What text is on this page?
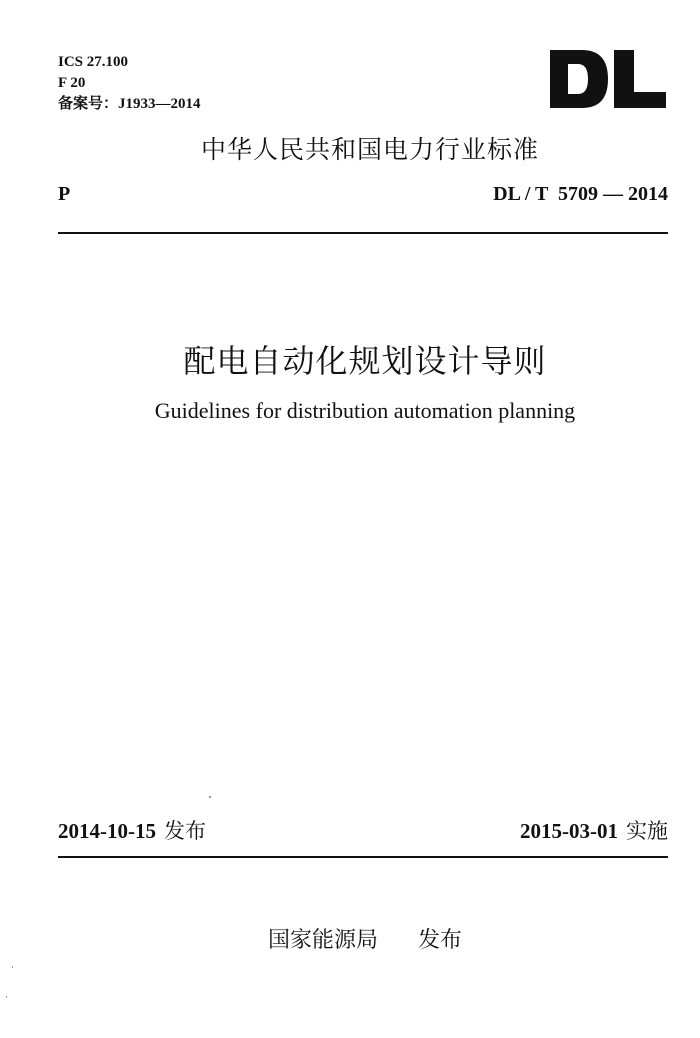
ICS 27.100
F 20
备案号：J1933—2014
中华人民共和国电力行业标准
P	DL / T  5709 — 2014
配电自动化规划设计导则
Guidelines for distribution automation planning
2014-10-15 发布	2015-03-01 实施
国家能源局 发布
